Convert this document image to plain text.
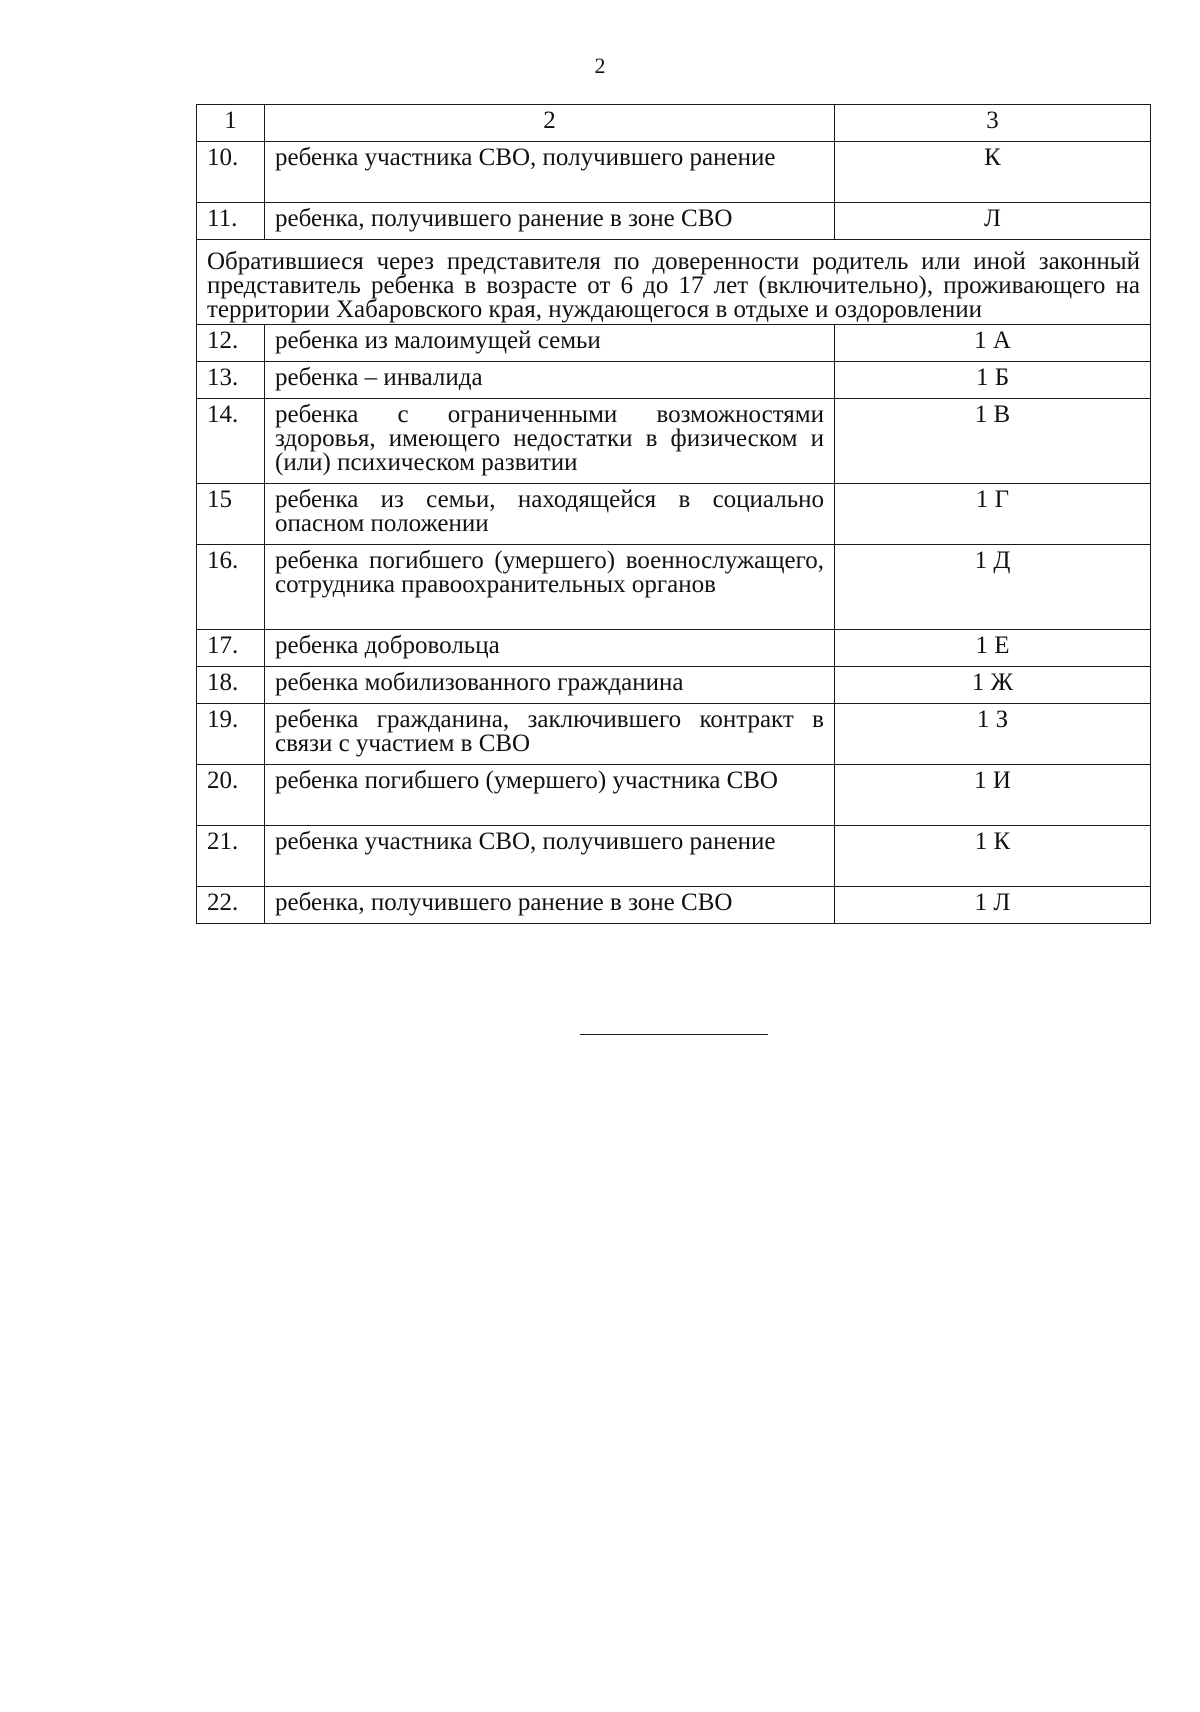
2
1	2	3
10.	ребенка участника СВО, получившего ранение	К
11.	ребенка, получившего ранение в зоне СВО	Л
Обратившиеся через представителя по доверенности родитель или иной законный представитель ребенка в возрасте от 6 до 17 лет (включительно), проживающего на территории Хабаровского края, нуждающегося в отдыхе и оздоровлении		
12.	ребенка из малоимущей семьи	1 А
13.	ребенка – инвалида	1 Б
14.	ребенка с ограниченными возможностями здоровья, имеющего недостатки в физическом и (или) психическом развитии	1 В
15	ребенка из семьи, находящейся в социально опасном положении	1 Г
16.	ребенка погибшего (умершего) военнослужащего, сотрудника правоохранительных органов	1 Д
17.	ребенка добровольца	1 Е
18.	ребенка мобилизованного гражданина	1 Ж
19.	ребенка гражданина, заключившего контракт в связи с участием в СВО	1 З
20.	ребенка погибшего (умершего) участника СВО	1 И
21.	ребенка участника СВО, получившего ранение	1 К
22.	ребенка, получившего ранение в зоне СВО	1 Л
